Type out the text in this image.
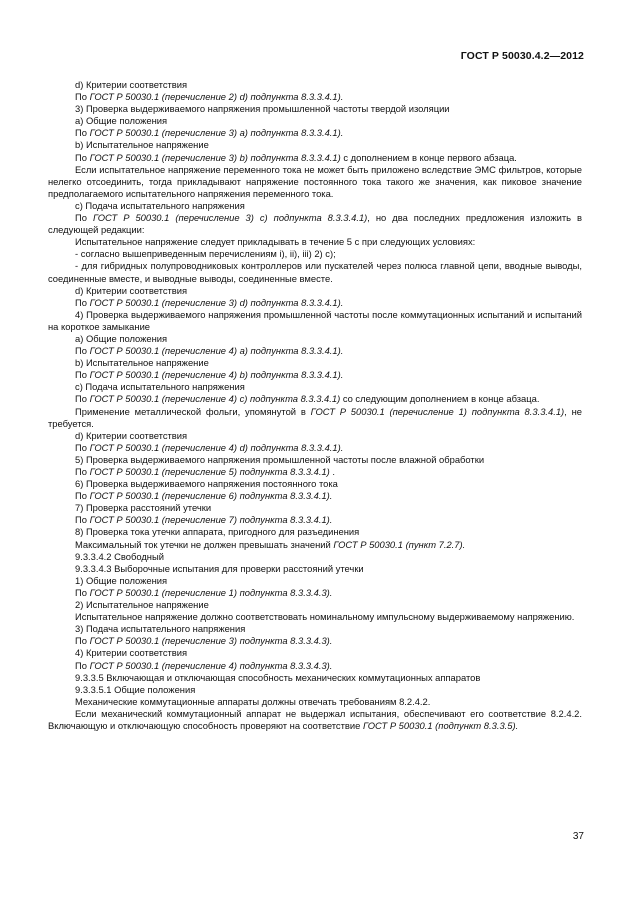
ГОСТ Р 50030.4.2—2012

d) Критерии соответствия

По ГОСТ Р 50030.1 (перечисление 2) d) подпункта 8.3.3.4.1).

3) Проверка выдерживаемого напряжения промышленной частоты твердой изоляции

a) Общие положения

По ГОСТ Р 50030.1 (перечисление 3) a) подпункта 8.3.3.4.1).

b) Испытательное напряжение

По ГОСТ Р 50030.1 (перечисление 3) b) подпункта 8.3.3.4.1) с дополнением в конце первого абзаца.

Если испытательное напряжение переменного тока не может быть приложено вследствие ЭМС фильтров, которые нелегко отсоединить, тогда прикладывают напряжение постоянного тока такого же значения, как пиковое значение предполагаемого испытательного напряжения переменного тока.

c) Подача испытательного напряжения

По ГОСТ Р 50030.1 (перечисление 3) c) подпункта 8.3.3.4.1), но два последних предложения изложить в следующей редакции:

Испытательное напряжение следует прикладывать в течение 5 с при следующих условиях:

- согласно вышеприведенным перечислениям i), ii), iii) 2) c);

- для гибридных полупроводниковых контроллеров или пускателей через полюса главной цепи, вводные выводы, соединенные вместе, и выводные выводы, соединенные вместе.

d) Критерии соответствия

По ГОСТ Р 50030.1 (перечисление 3) d) подпункта 8.3.3.4.1).

4) Проверка выдерживаемого напряжения промышленной частоты после коммутационных испытаний и испытаний на короткое замыкание

a) Общие положения

По ГОСТ Р 50030.1 (перечисление 4) a) подпункта 8.3.3.4.1).

b) Испытательное напряжение

По ГОСТ Р 50030.1 (перечисление 4) b) подпункта 8.3.3.4.1).

c) Подача испытательного напряжения

По ГОСТ Р 50030.1 (перечисление 4) c) подпункта 8.3.3.4.1) со следующим дополнением в конце абзаца.

Применение металлической фольги, упомянутой в ГОСТ Р 50030.1 (перечисление 1) подпункта 8.3.3.4.1), не требуется.

d) Критерии соответствия

По ГОСТ Р 50030.1 (перечисление 4) d) подпункта 8.3.3.4.1).

5) Проверка выдерживаемого напряжения промышленной частоты после влажной обработки

По ГОСТ Р 50030.1 (перечисление 5) подпункта 8.3.3.4.1) .

6) Проверка выдерживаемого напряжения постоянного тока

По ГОСТ Р 50030.1 (перечисление 6) подпункта 8.3.3.4.1).

7) Проверка расстояний утечки

По ГОСТ Р 50030.1 (перечисление 7) подпункта 8.3.3.4.1).

8) Проверка тока утечки аппарата, пригодного для разъединения

Максимальный ток утечки не должен превышать значений ГОСТ Р 50030.1 (пункт 7.2.7).

9.3.3.4.2 Свободный

9.3.3.4.3 Выборочные испытания для проверки расстояний утечки

1) Общие положения

По ГОСТ Р 50030.1 (перечисление 1) подпункта 8.3.3.4.3).

2) Испытательное напряжение

Испытательное напряжение должно соответствовать номинальному импульсному выдерживаемому напряжению.

3) Подача испытательного напряжения

По ГОСТ Р 50030.1 (перечисление 3) подпункта 8.3.3.4.3).

4) Критерии соответствия

По ГОСТ Р 50030.1 (перечисление 4) подпункта 8.3.3.4.3).

9.3.3.5 Включающая и отключающая способность механических коммутационных аппаратов

9.3.3.5.1 Общие положения

Механические коммутационные аппараты должны отвечать требованиям 8.2.4.2.

Если механический коммутационный аппарат не выдержал испытания, обеспечивают его соответствие 8.2.4.2. Включающую и отключающую способность проверяют на соответствие ГОСТ Р 50030.1 (подпункт 8.3.3.5).

37
